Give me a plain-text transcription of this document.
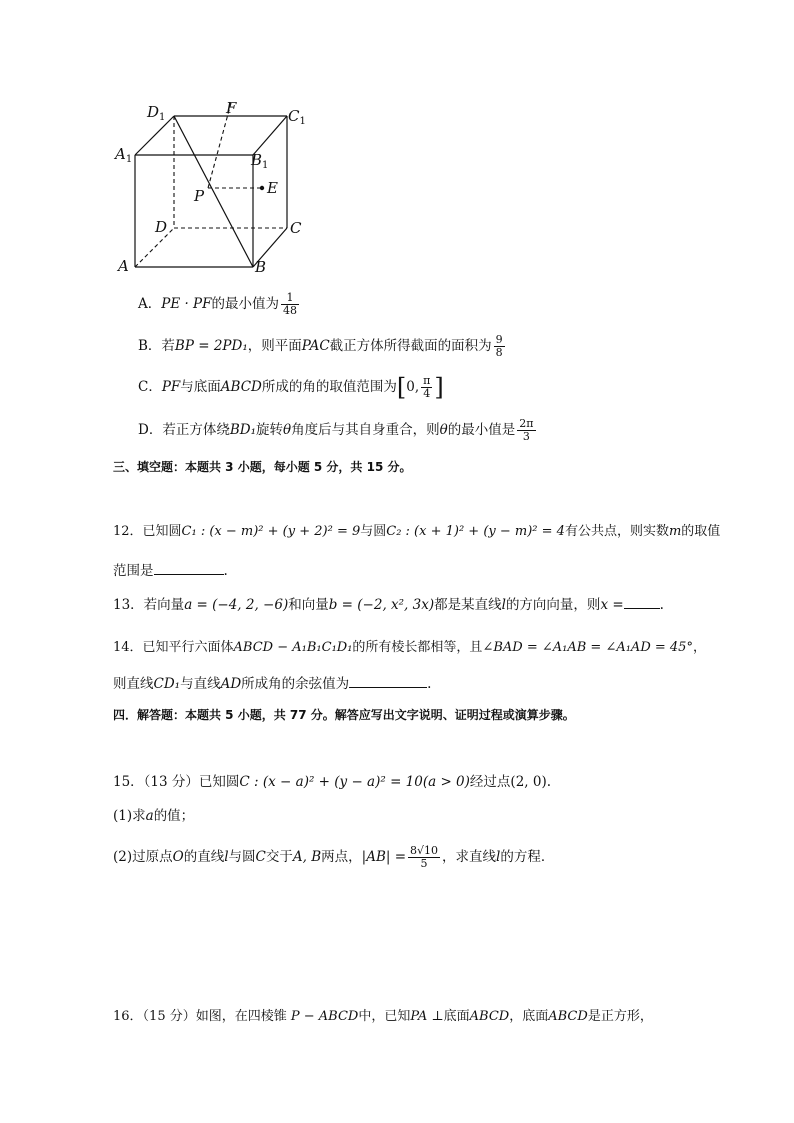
$D_1$
F	$C_1$
$A_1$	$B_1$
P	E
D	C
A	B
A．PE · PF的最小值为 $\frac{1}{48}$
B．若BP = 2PD₁，则平面PAC截正方体所得截面的面积为 $\frac{9}{8}$
C．PF与底面ABCD所成的角的取值范围为[0, $\frac{\pi}{4}$ ]
D．若正方体绕BD₁旋转θ角度后与其自身重合，则θ的最小值是 $\frac{2\pi}{3}$
三、填空题：本题共 3 小题，每小题 5 分，共 15 分。
12．已知圆C₁ : (x − m)² + (y + 2)² = 9与圆C₂ : (x + 1)² + (y − m)² = 4有公共点，则实数m的取值
范围是	.
13．若向量a = (−4, 2, −6)和向量b = (−2, x², 3x)都是某直线l的方向向量，则x =	.
14．已知平行六面体ABCD − A₁B₁C₁D₁的所有棱长都相等，且∠BAD = ∠A₁AB = ∠A₁AD = 45°，
则直线CD₁与直线AD所成角的余弦值为	.
四．解答题：本题共 5 小题，共 77 分。解答应写出文字说明、证明过程或演算步骤。
15．（13 分）已知圆C : (x − a)² + (y − a)² = 10(a > 0)经过点(2, 0).
(1)求a的值；
(2)过原点O的直线l与圆C交于A, B两点，$|AB| = \frac{8√10}{5}$ ，求直线l的方程．
16．（15 分）如图，在四棱锥 P − ABCD中，已知PA ⊥底面ABCD，底面ABCD是正方形，
